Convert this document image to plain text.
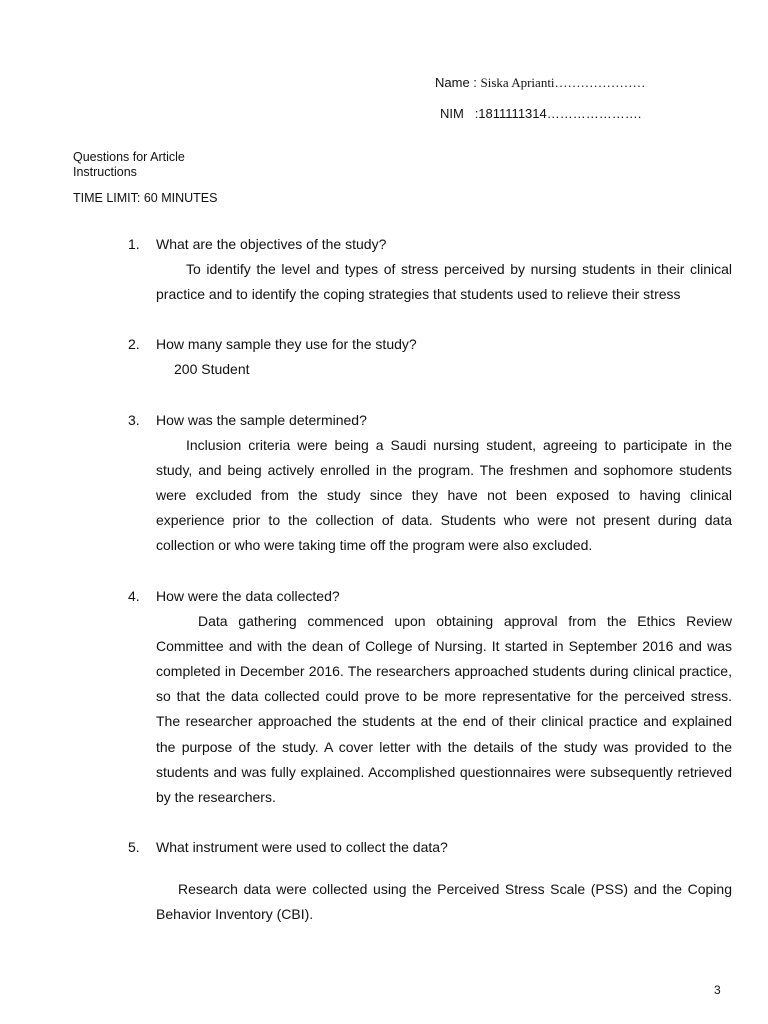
Name : Siska Aprianti…………………
NIM :1811111314………………….
Questions for Article
Instructions
TIME LIMIT: 60 MINUTES
1.	What are the objectives of the study?
To identify the level and types of stress perceived by nursing students in their clinical practice and to identify the coping strategies that students used to relieve their stress
2.	How many sample they use for the study?
200 Student
3.	How was the sample determined?
Inclusion criteria were being a Saudi nursing student, agreeing to participate in the study, and being actively enrolled in the program. The freshmen and sophomore students were excluded from the study since they have not been exposed to having clinical experience prior to the collection of data. Students who were not present during data collection or who were taking time off the program were also excluded.
4.	How were the data collected?
Data gathering commenced upon obtaining approval from the Ethics Review Committee and with the dean of College of Nursing. It started in September 2016 and was completed in December 2016. The researchers approached students during clinical practice, so that the data collected could prove to be more representative for the perceived stress. The researcher approached the students at the end of their clinical practice and explained the purpose of the study. A cover letter with the details of the study was provided to the students and was fully explained. Accomplished questionnaires were subsequently retrieved by the researchers.
5.	What instrument were used to collect the data?
Research data were collected using the Perceived Stress Scale (PSS) and the Coping Behavior Inventory (CBI).
3
